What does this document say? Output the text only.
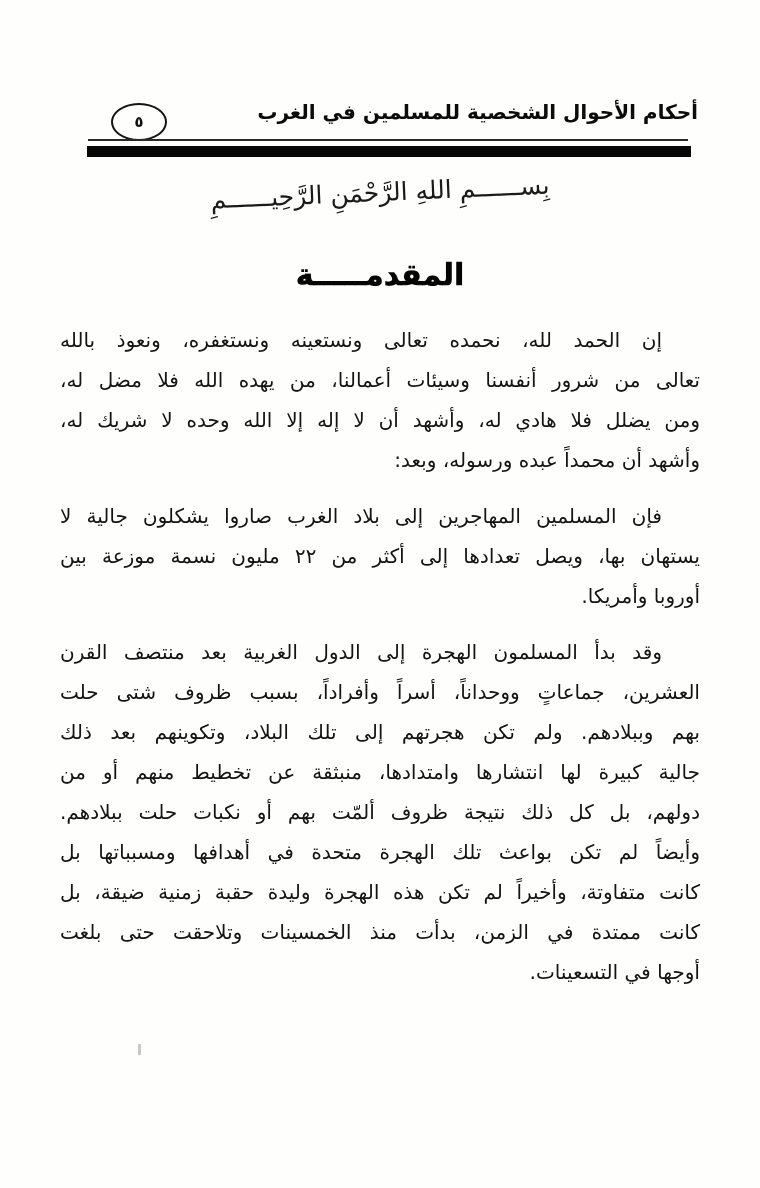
أحكام الأحوال الشخصية للمسلمين في الغرب
٥
بِســــــمِ اللهِ الرَّحْمَنِ الرَّحِيــــــمِ
المقدمـــــة

إن الحمد لله، نحمده تعالى ونستعينه ونستغفره، ونعوذ بالله
تعالى من شرور أنفسنا وسيئات أعمالنا، من يهده الله فلا مضل له،
ومن يضلل فلا هادي له، وأشهد أن لا إله إلا الله وحده لا شريك له،
وأشهد أن محمداً عبده ورسوله، وبعد:

فإن المسلمين المهاجرين إلى بلاد الغرب صاروا يشكلون جالية لا
يستهان بها، ويصل تعدادها إلى أكثر من ٢٢ مليون نسمة موزعة بين
أوروبا وأمريكا.

وقد بدأ المسلمون الهجرة إلى الدول الغربية بعد منتصف القرن
العشرين، جماعاتٍ ووحداناً، أسراً وأفراداً، بسبب ظروف شتى حلت
بهم وببلادهم. ولم تكن هجرتهم إلى تلك البلاد، وتكوينهم بعد ذلك
جالية كبيرة لها انتشارها وامتدادها، منبثقة عن تخطيط منهم أو من
دولهم، بل كل ذلك نتيجة ظروف ألمّت بهم أو نكبات حلت ببلادهم.
وأيضاً لم تكن بواعث تلك الهجرة متحدة في أهدافها ومسبباتها بل
كانت متفاوتة، وأخيراً لم تكن هذه الهجرة وليدة حقبة زمنية ضيقة، بل
كانت ممتدة في الزمن، بدأت منذ الخمسينات وتلاحقت حتى بلغت
أوجها في التسعينات.
